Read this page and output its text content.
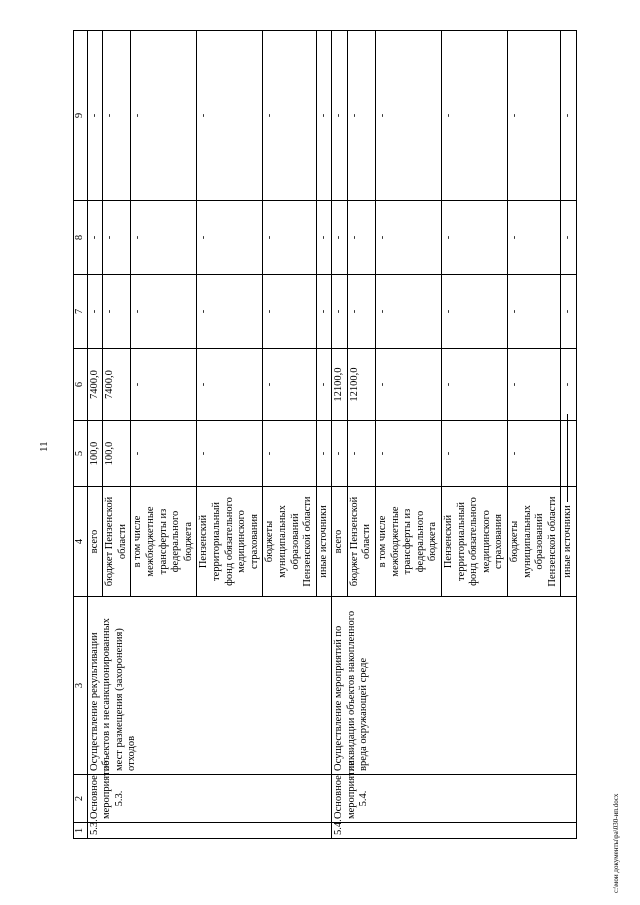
11
1	2	3	4	5	6	7	8	9
5.3.	Основное мероприятие 5.3.	Осуществление рекультивации объектов и несанкционированных мест размещения (захоронения) отходов	всего	100,0	7400,0	-	-	-
			бюджет Пензенской области	100,0	7400,0	-	-	-
			в том числе межбюджетные трансферты из федерального бюджета	-	-	-	-	-
			Пензенский территориальный фонд обязательного медицинского страхования	-	-	-	-	-
			бюджеты муниципальных образований Пензенской области	-	-	-	-	-
			иные источники	-	-	-	-	-
5.4.	Основное мероприятие 5.4.	Осуществление мероприятий по ликвидации объектов накопленного вреда окружающей среде	всего	-	12100,0	-	-	-
			бюджет Пензенской области	-	12100,0	-	-	-
			в том числе межбюджетные трансферты из федерального бюджета	-	-	-	-	-
			Пензенский территориальный фонд обязательного медицинского страхования	-	-	-	-	-
			бюджеты муниципальных образований Пензенской области	-	-	-	-	-
			иные источники	-	-	-	-	-
c:\мои документы\pa\030-ип.docx
